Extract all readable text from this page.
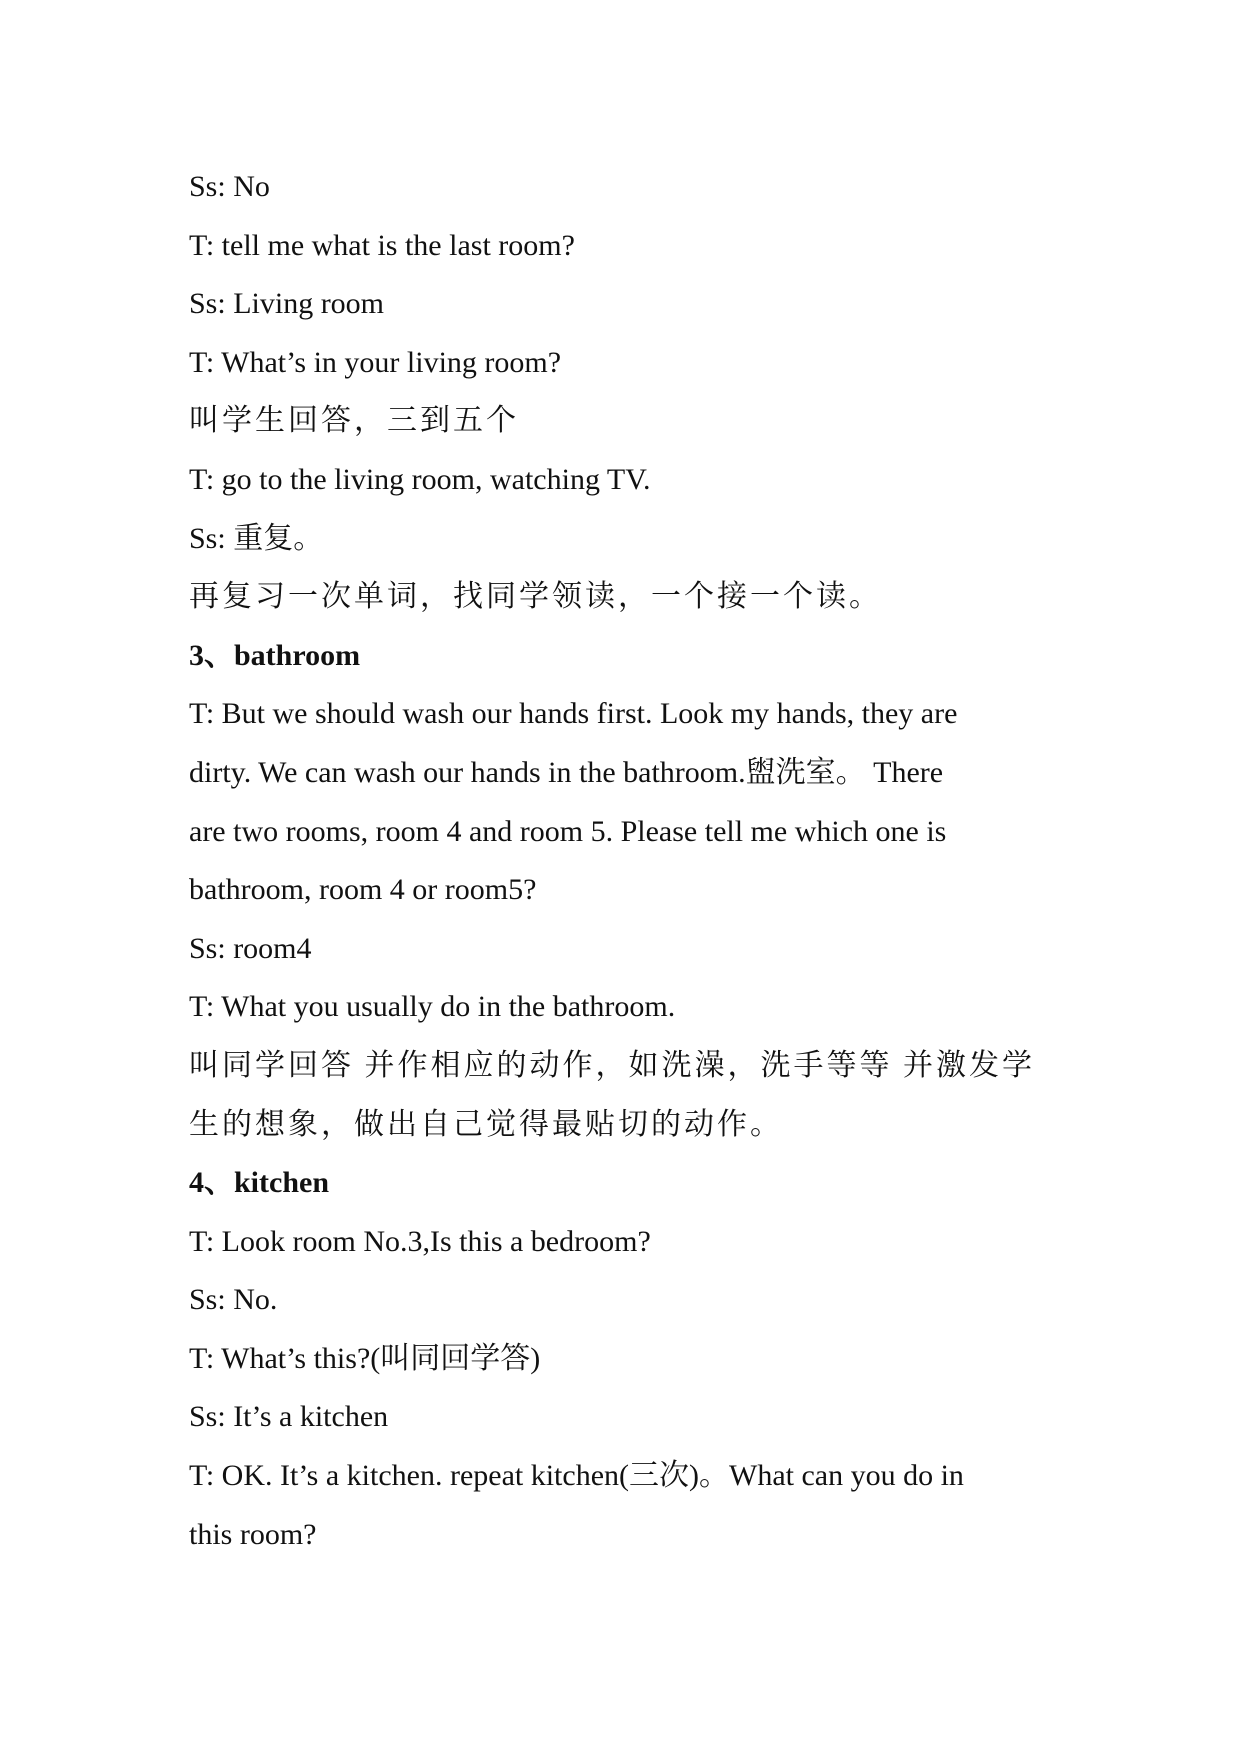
Ss: No
T: tell me what is the last room?
Ss: Living room
T: What’s in your living room?
叫学生回答，三到五个
T: go to the living room, watching TV.
Ss: 重复。
再复习一次单词，找同学领读，一个接一个读。
3、bathroom
T: But we should wash our hands first. Look my hands, they are
dirty. We can wash our hands in the bathroom.盥洗室。 There
are two rooms, room 4 and room 5. Please tell me which one is
bathroom, room 4 or room5?
Ss: room4
T: What you usually do in the bathroom.
叫同学回答 并作相应的动作，如洗澡，洗手等等 并激发学
生的想象，做出自己觉得最贴切的动作。
4、kitchen
T: Look room No.3,Is this a bedroom?
Ss: No.
T: What’s this?(叫同回学答)
Ss: It’s a kitchen
T: OK. It’s a kitchen. repeat kitchen(三次)。What can you do in
this room?
